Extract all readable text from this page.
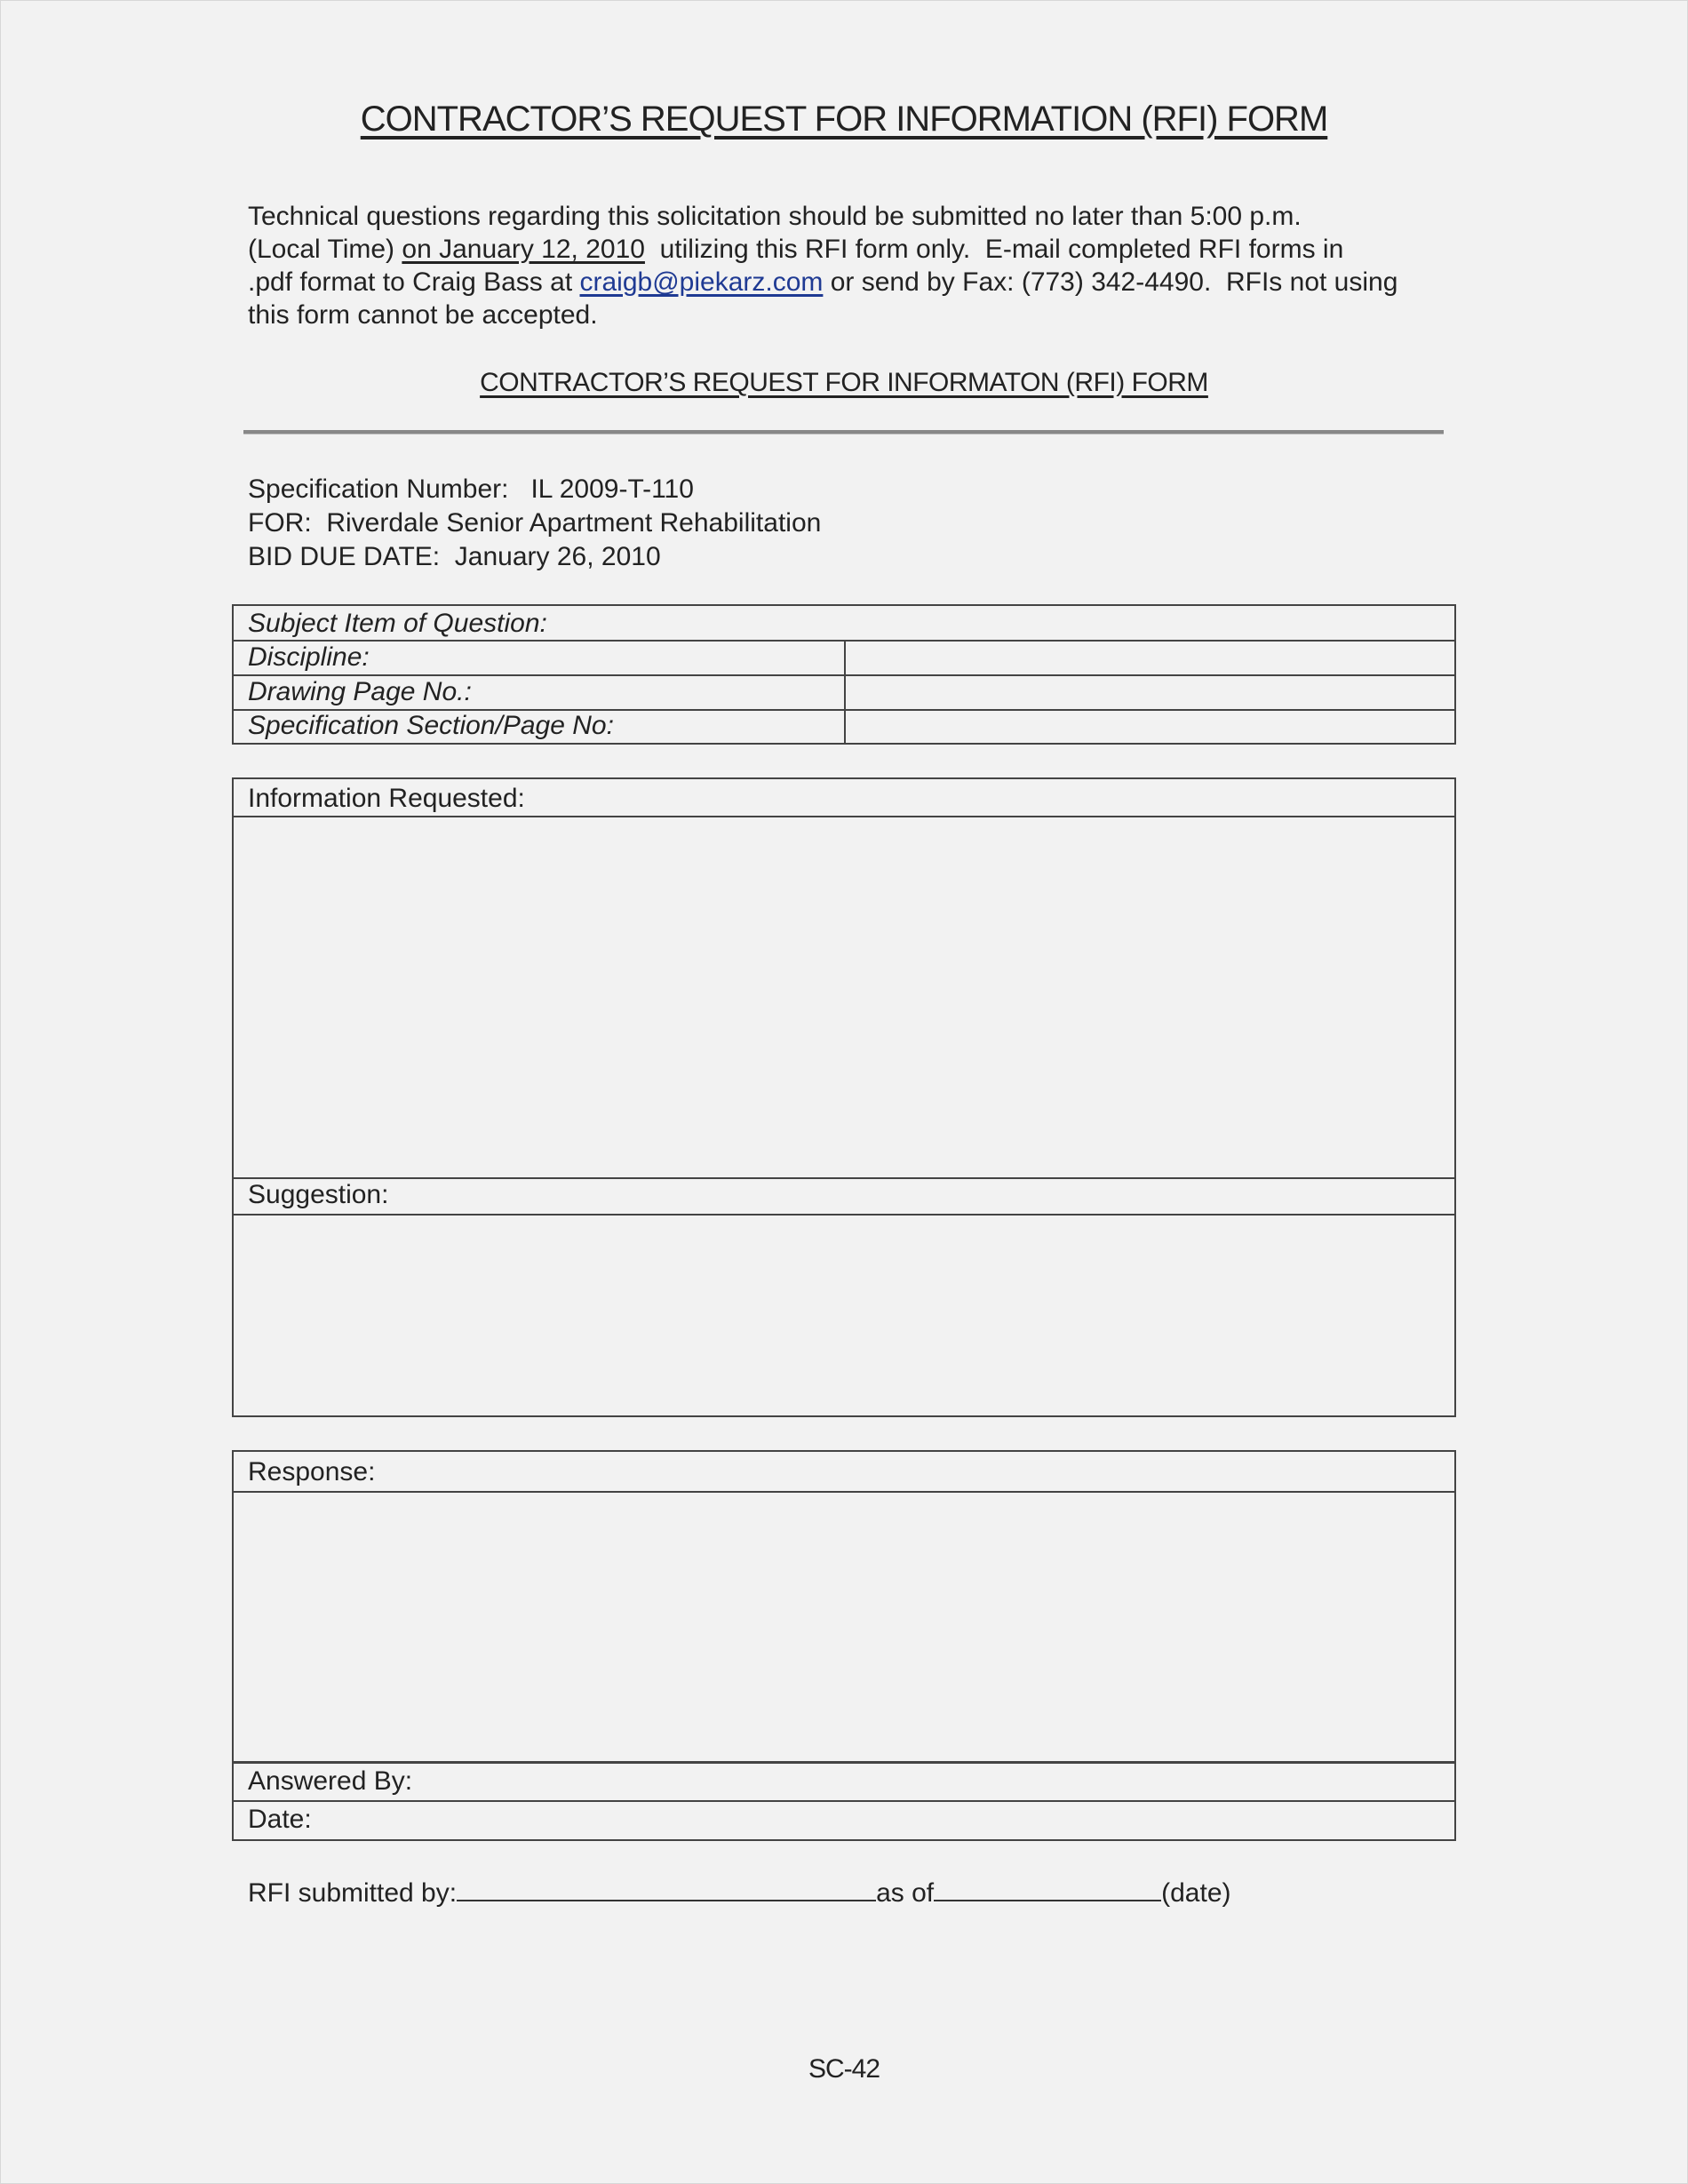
CONTRACTOR’S REQUEST FOR INFORMATION (RFI) FORM
Technical questions regarding this solicitation should be submitted no later than 5:00 p.m.
(Local Time) on January 12, 2010  utilizing this RFI form only.  E-mail completed RFI forms in
.pdf format to Craig Bass at craigb@piekarz.com or send by Fax: (773) 342-4490.  RFIs not using
this form cannot be accepted.
CONTRACTOR’S REQUEST FOR INFORMATON (RFI) FORM
Specification Number:   IL 2009-T-110
FOR:  Riverdale Senior Apartment Rehabilitation
BID DUE DATE:  January 26, 2010
Subject Item of Question:
Discipline:
Drawing Page No.:
Specification Section/Page No:
Information Requested:
Suggestion:
Response:
Answered By:
Date:
RFI submitted by:	as of	(date)
SC-42
